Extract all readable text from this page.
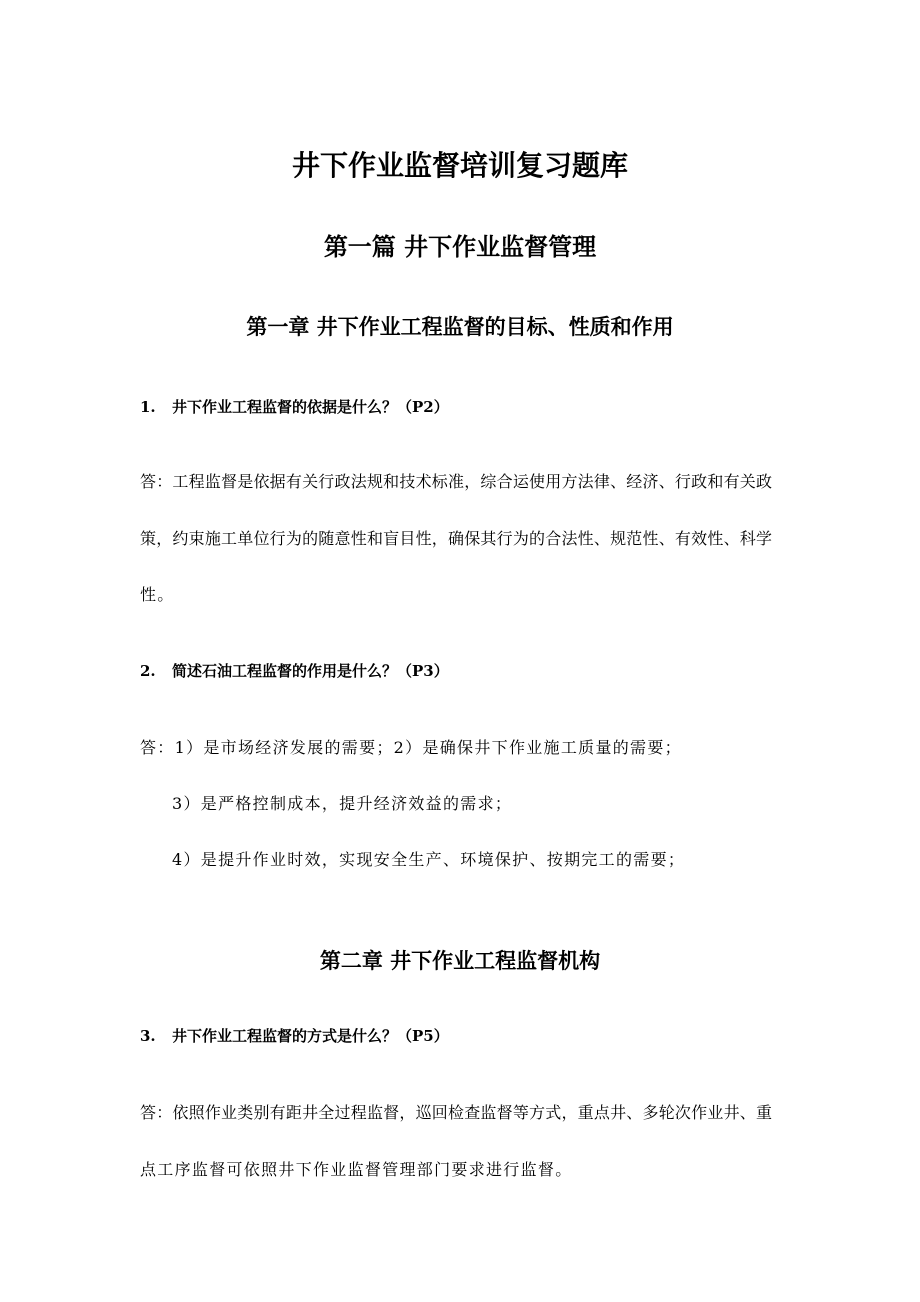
井下作业监督培训复习题库
第一篇 井下作业监督管理
第一章 井下作业工程监督的目标、性质和作用
1. 井下作业工程监督的依据是什么？（P2）
答：工程监督是依据有关行政法规和技术标准，综合运使用方法律、经济、行政和有关政
策，约束施工单位行为的随意性和盲目性，确保其行为的合法性、规范性、有效性、科学
性。
2. 简述石油工程监督的作用是什么？（P3）
答：1）是市场经济发展的需要；2）是确保井下作业施工质量的需要；
3）是严格控制成本，提升经济效益的需求；
4）是提升作业时效，实现安全生产、环境保护、按期完工的需要；
第二章 井下作业工程监督机构
3. 井下作业工程监督的方式是什么？（P5）
答：依照作业类别有距井全过程监督，巡回检查监督等方式，重点井、多轮次作业井、重
点工序监督可依照井下作业监督管理部门要求进行监督。
